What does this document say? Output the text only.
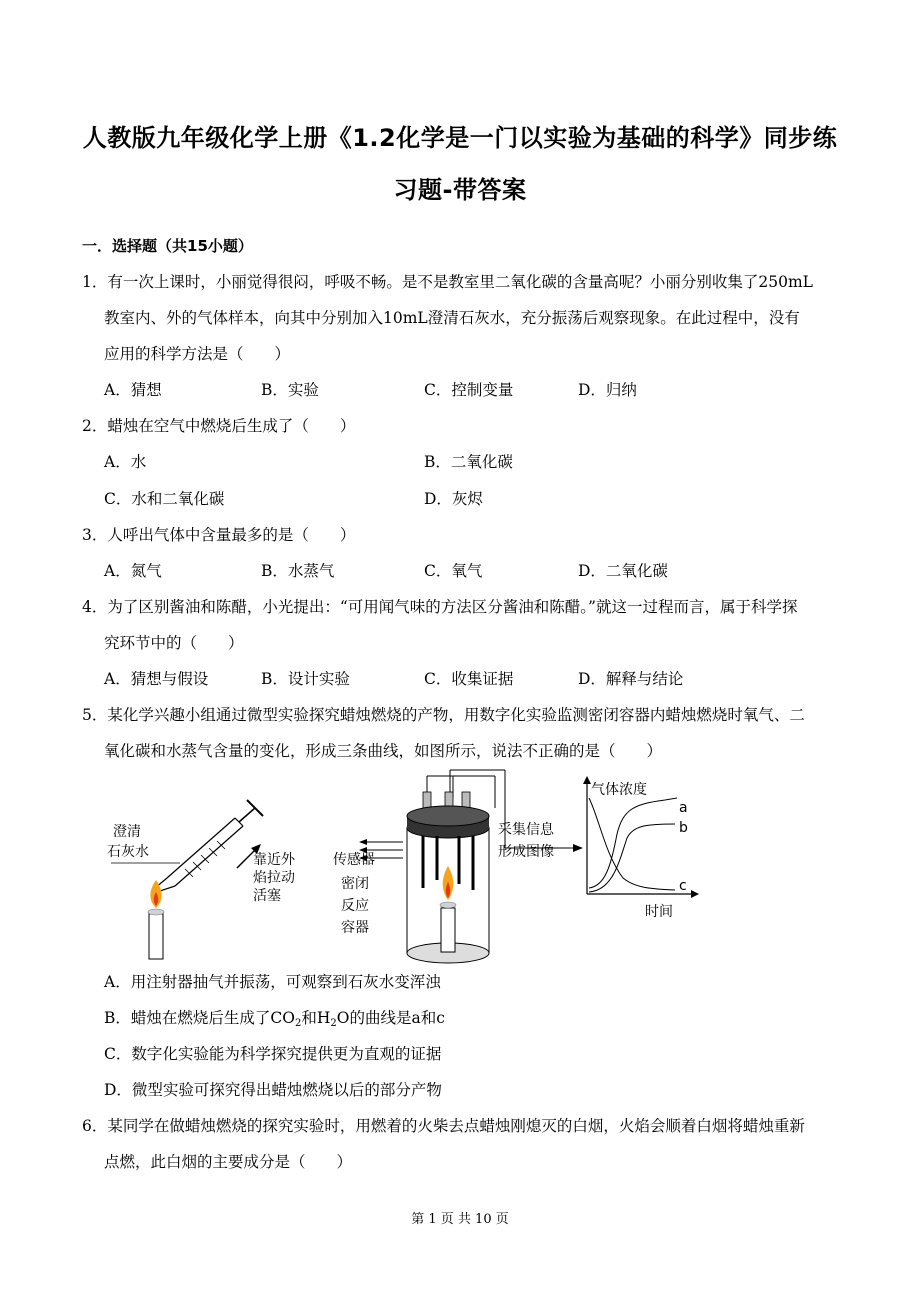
人教版九年级化学上册《1.2化学是一门以实验为基础的科学》同步练
习题-带答案
一．选择题（共15小题）
1．有一次上课时，小丽觉得很闷，呼吸不畅。是不是教室里二氧化碳的含量高呢？小丽分别收集了250mL
教室内、外的气体样本，向其中分别加入10mL澄清石灰水，充分振荡后观察现象。在此过程中，没有
应用的科学方法是（　　）
A．猜想	B．实验	C．控制变量	D．归纳
2．蜡烛在空气中燃烧后生成了（　　）
A．水	B．二氧化碳
C．水和二氧化碳	D．灰烬
3．人呼出气体中含量最多的是（　　）
A．氮气	B．水蒸气	C．氧气	D．二氧化碳
4．为了区别酱油和陈醋，小光提出：“可用闻气味的方法区分酱油和陈醋。”就这一过程而言，属于科学探
究环节中的（　　）
A．猜想与假设	B．设计实验	C．收集证据	D．解释与结论
5．某化学兴趣小组通过微型实验探究蜡烛燃烧的产物，用数字化实验监测密闭容器内蜡烛燃烧时氧气、二
氧化碳和水蒸气含量的变化，形成三条曲线，如图所示，说法不正确的是（　　）
澄清
石灰水	靠近外
焰拉动
活塞
传感器
密闭
反应
容器
采集信息
形成图像
气体浓度
时间
a
b
c
A．用注射器抽气并振荡，可观察到石灰水变浑浊
B．蜡烛在燃烧后生成了$CO_2$和$H_2O$的曲线是a和c
C．数字化实验能为科学探究提供更为直观的证据
D．微型实验可探究得出蜡烛燃烧以后的部分产物
6．某同学在做蜡烛燃烧的探究实验时，用燃着的火柴去点蜡烛刚熄灭的白烟，火焰会顺着白烟将蜡烛重新
点燃，此白烟的主要成分是（　　）
第 1 页 共 10 页
